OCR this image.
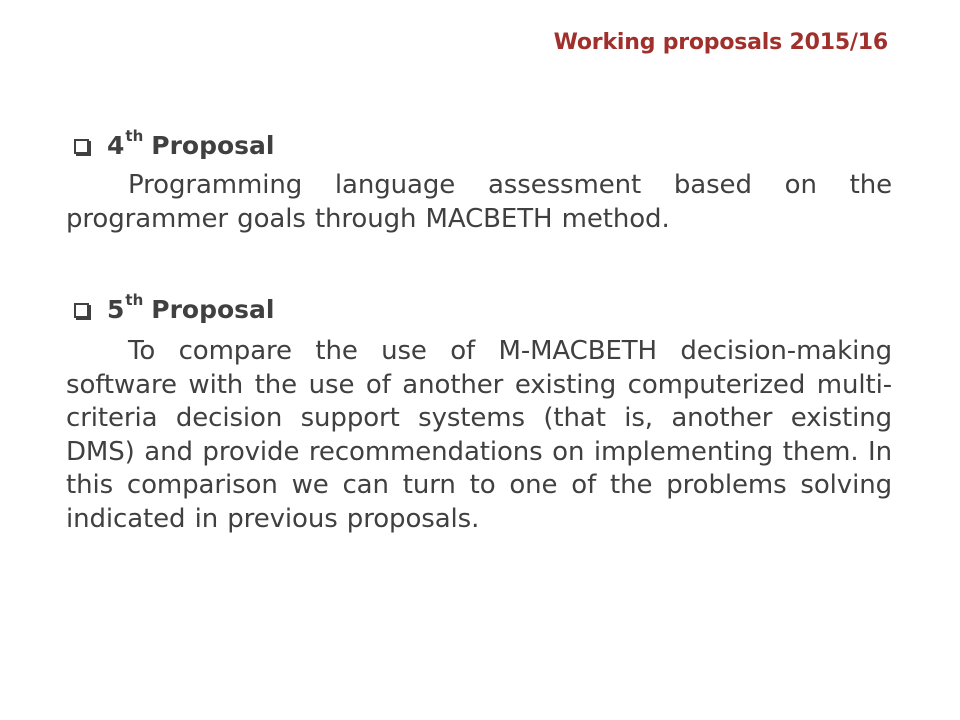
Working proposals 2015/16
4 th Proposal
Programming language assessment based on the programmer goals through MACBETH method.
5 th Proposal
To compare the use of M-MACBETH decision-making software with the use of another existing computerized multi-criteria decision support systems (that is, another existing DMS) and provide recommendations on implementing them. In this comparison we can turn to one of the problems solving indicated in previous proposals.
